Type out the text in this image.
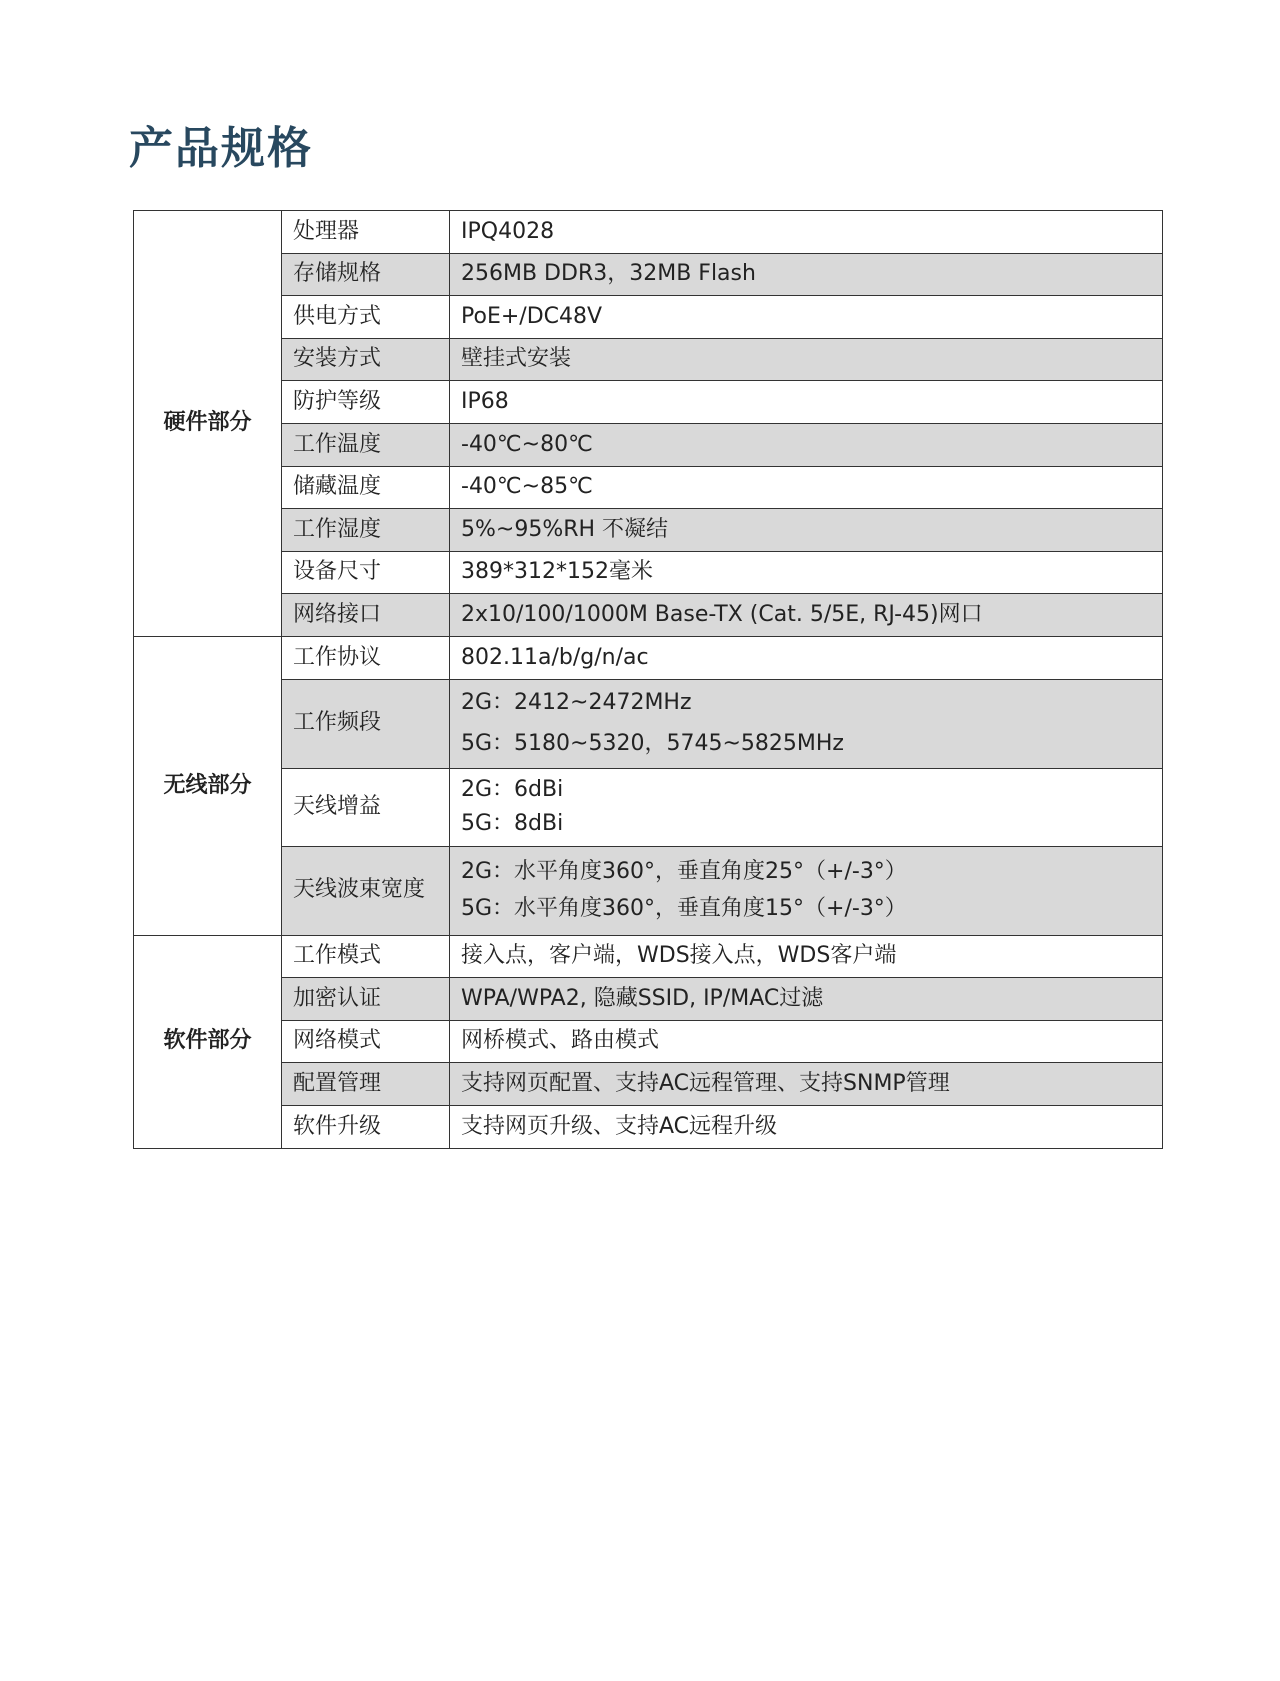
产品规格
硬件部分	处理器	IPQ4028
	存储规格	256MB DDR3，32MB Flash
	供电方式	PoE+/DC48V
	安装方式	壁挂式安装
	防护等级	IP68
	工作温度	-40℃~80℃
	储藏温度	-40℃~85℃
	工作湿度	5%~95%RH 不凝结
	设备尺寸	389*312*152毫米
	网络接口	2x10/100/1000M Base-TX (Cat. 5/5E, RJ-45)网口
无线部分	工作协议	802.11a/b/g/n/ac
	工作频段	2G：2412~2472MHz
5G：5180~5320，5745~5825MHz

	天线增益	2G：6dBi
5G：8dBi

	天线波束宽度	2G：水平角度360°，垂直角度25°（+/-3°）
5G：水平角度360°，垂直角度15°（+/-3°）

软件部分	工作模式	接入点，客户端，WDS接入点，WDS客户端
	加密认证	WPA/WPA2, 隐藏SSID, IP/MAC过滤
	网络模式	网桥模式、路由模式
	配置管理	支持网页配置、支持AC远程管理、支持SNMP管理
	软件升级	支持网页升级、支持AC远程升级
